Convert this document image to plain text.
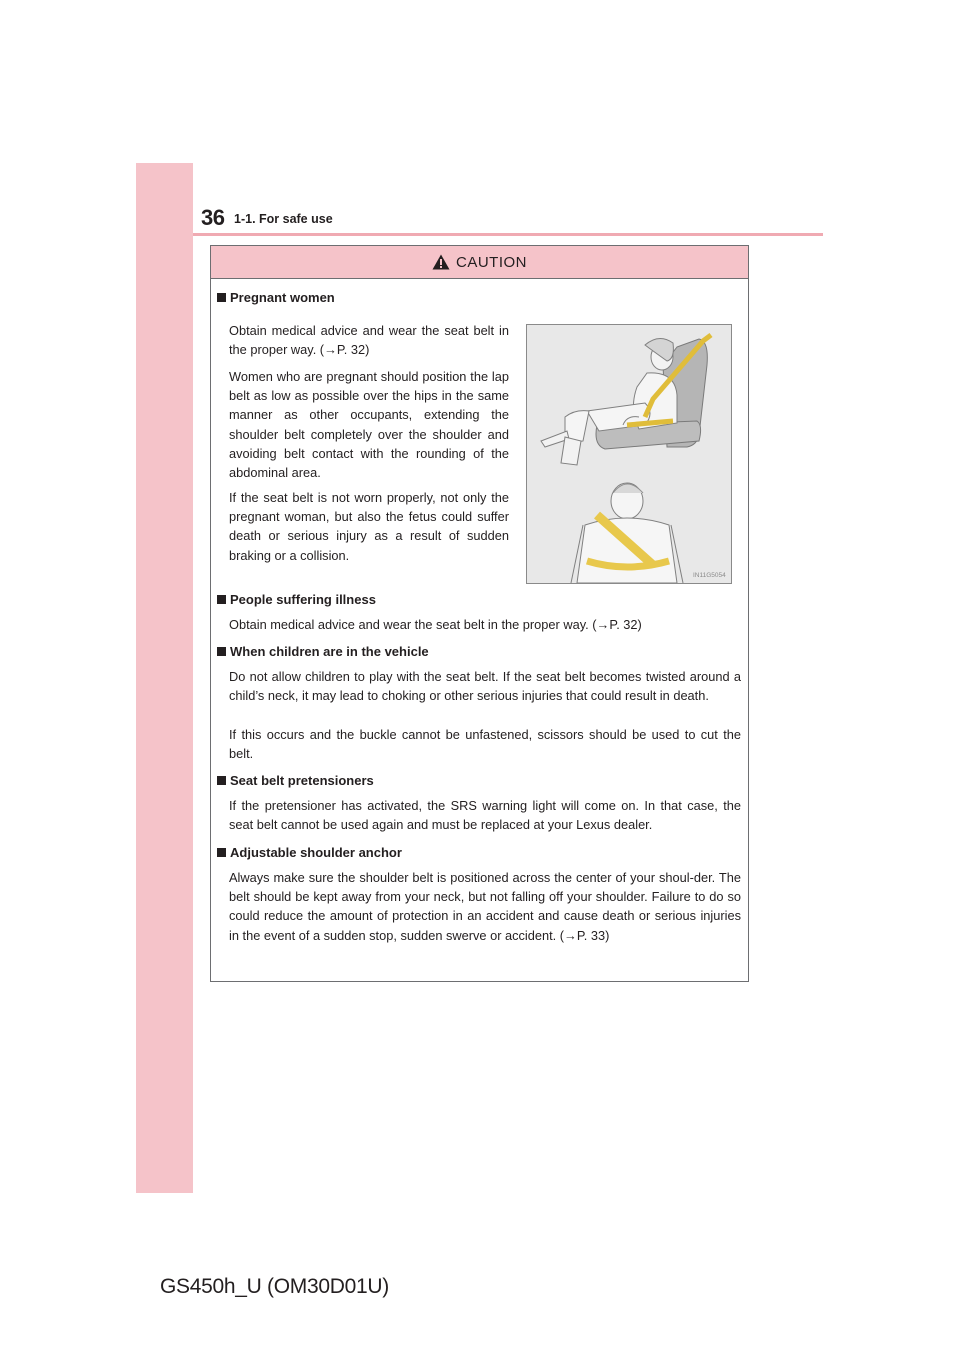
36 1-1. For safe use
CAUTION
Pregnant women
Obtain medical advice and wear the seat belt in the proper way. (→P. 32)
Women who are pregnant should position the lap belt as low as possible over the hips in the same manner as other occupants, extending the shoulder belt completely over the shoulder and avoiding belt contact with the rounding of the abdominal area.
If the seat belt is not worn properly, not only the pregnant woman, but also the fetus could suffer death or serious injury as a result of sudden braking or a collision.
IN11G5054
People suffering illness
Obtain medical advice and wear the seat belt in the proper way. (→P. 32)
When children are in the vehicle
Do not allow children to play with the seat belt. If the seat belt becomes twisted around a child’s neck, it may lead to choking or other serious injuries that could result in death.
If this occurs and the buckle cannot be unfastened, scissors should be used to cut the belt.
Seat belt pretensioners
If the pretensioner has activated, the SRS warning light will come on. In that case, the seat belt cannot be used again and must be replaced at your Lexus dealer.
Adjustable shoulder anchor
Always make sure the shoulder belt is positioned across the center of your shoul-der. The belt should be kept away from your neck, but not falling off your shoulder. Failure to do so could reduce the amount of protection in an accident and cause death or serious injuries in the event of a sudden stop, sudden swerve or accident. (→P. 33)
GS450h_U (OM30D01U)
